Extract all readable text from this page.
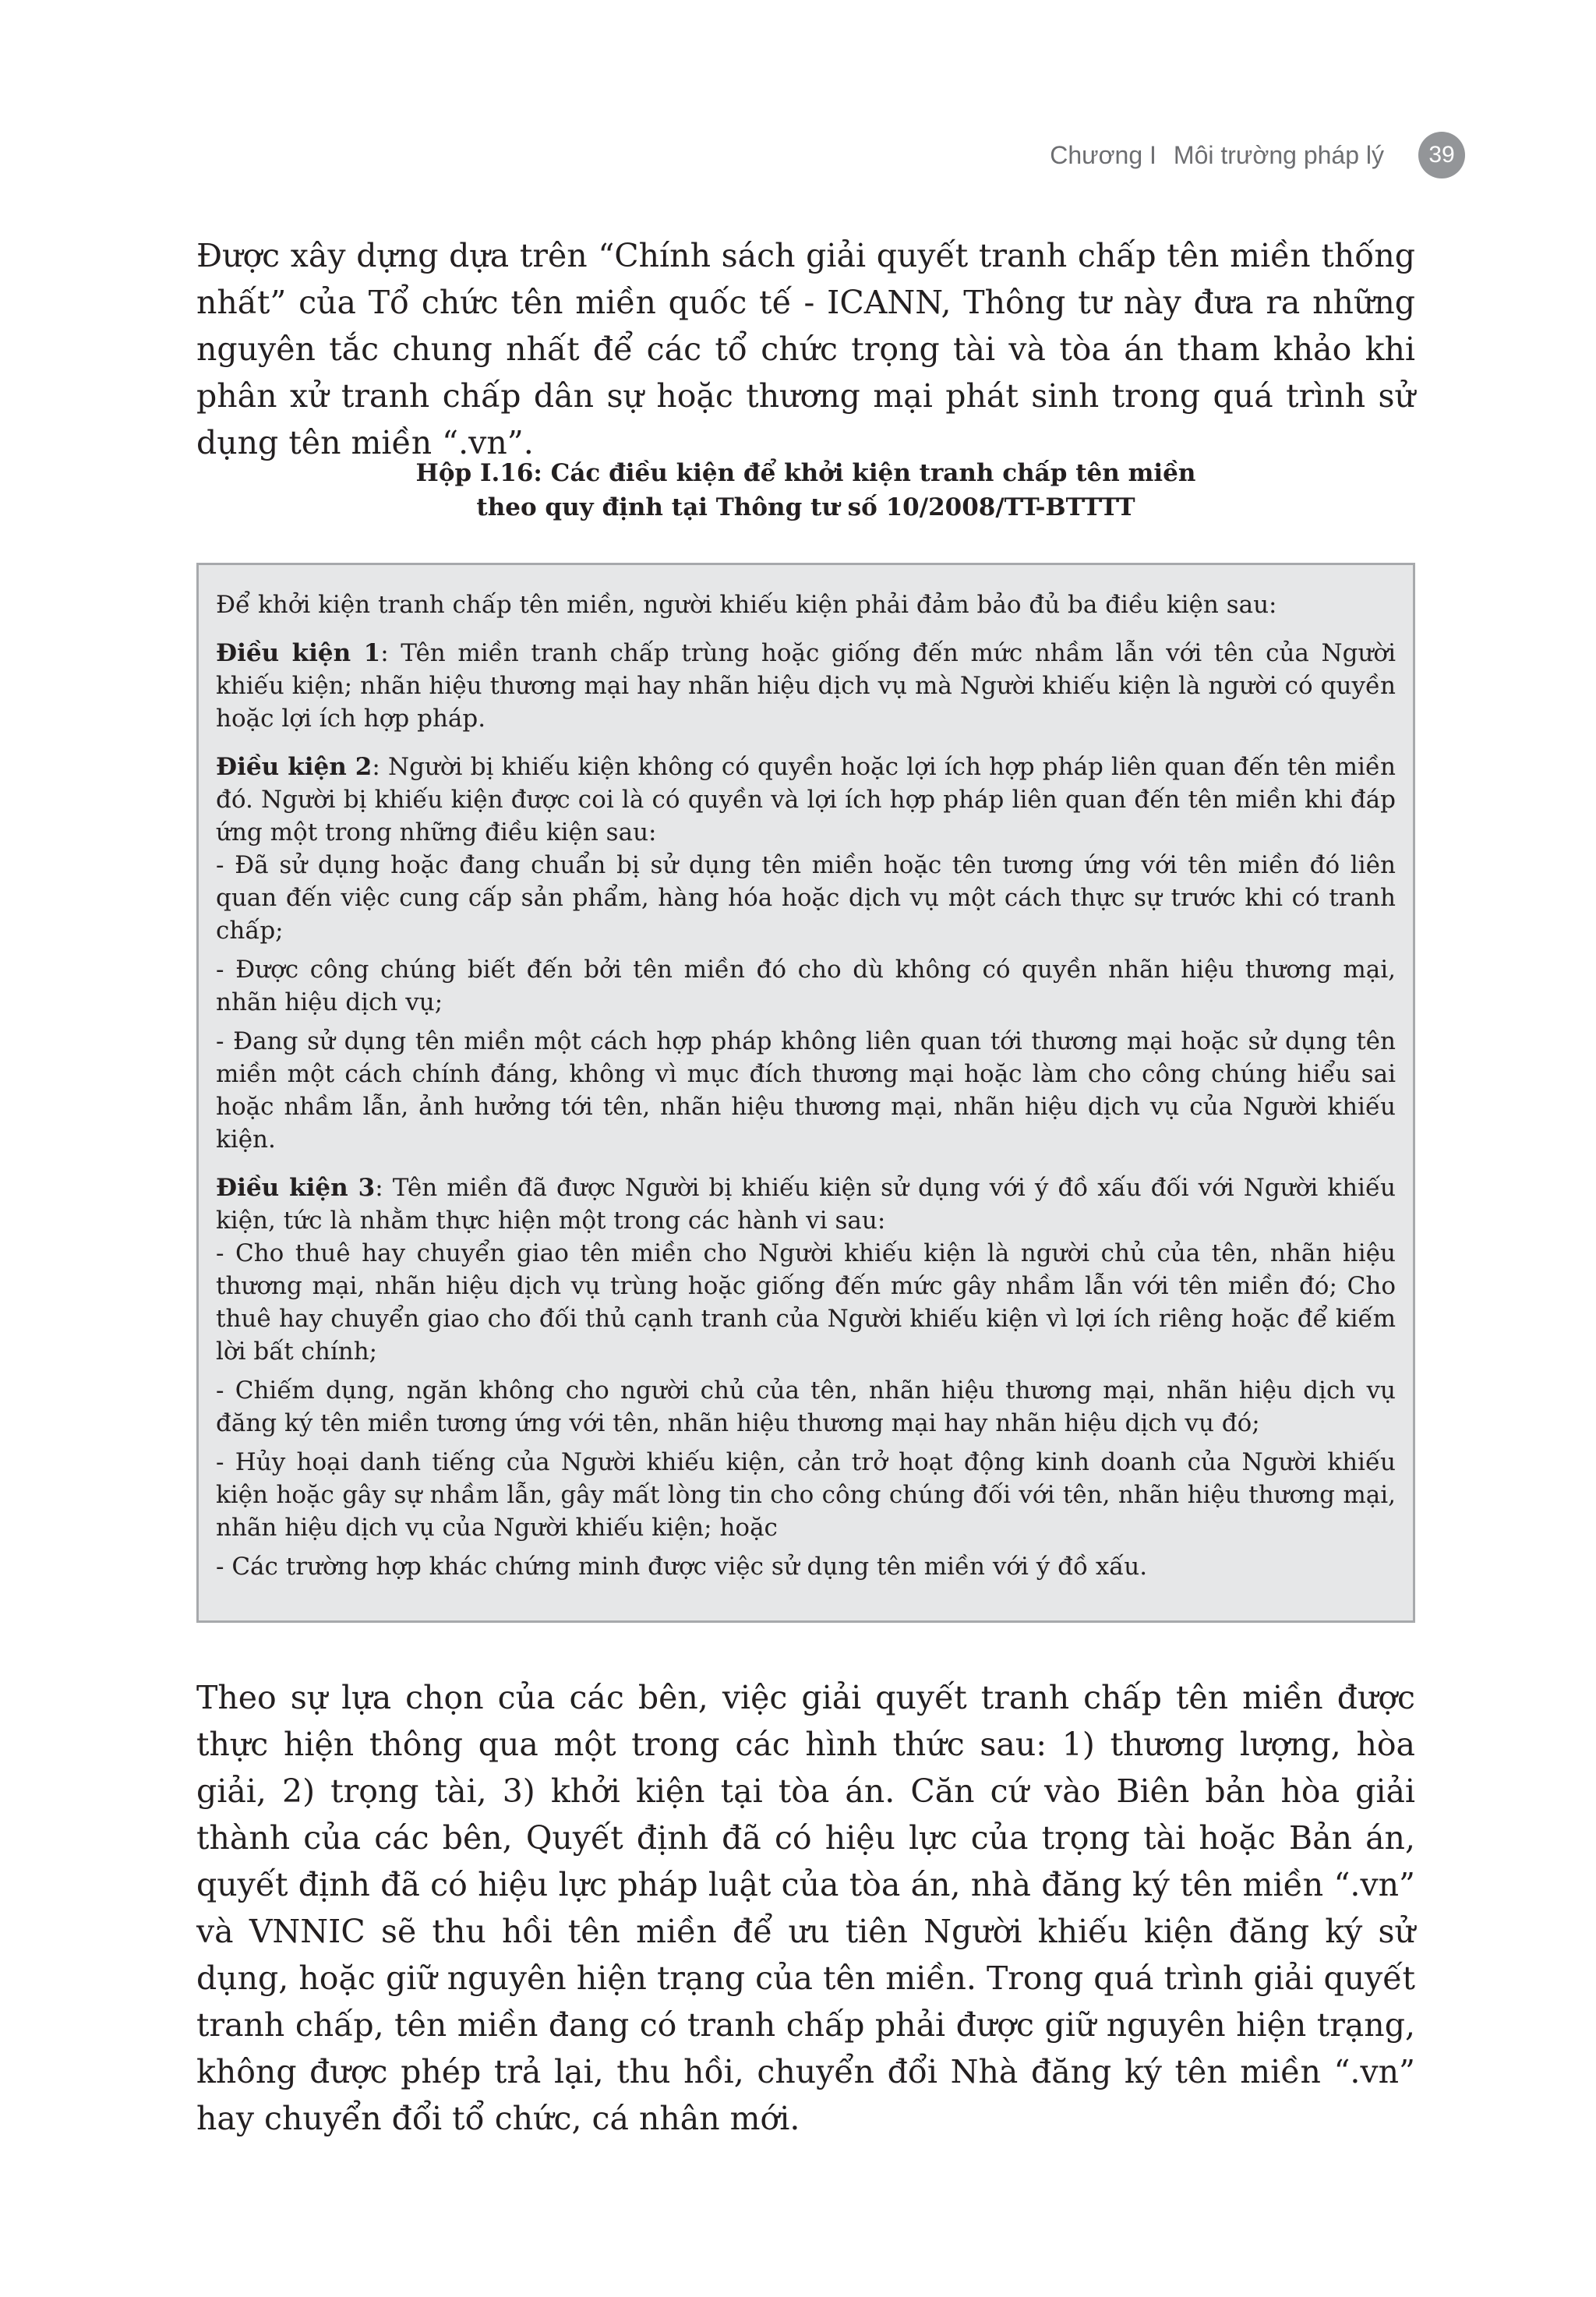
Chương I Môi trường pháp lý	39

Được xây dựng dựa trên “Chính sách giải quyết tranh chấp tên miền thống nhất” của Tổ chức tên miền quốc tế - ICANN, Thông tư này đưa ra những nguyên tắc chung nhất để các tổ chức trọng tài và tòa án tham khảo khi phân xử tranh chấp dân sự hoặc thương mại phát sinh trong quá trình sử dụng tên miền “.vn”.

Hộp I.16: Các điều kiện để khởi kiện tranh chấp tên miền
theo quy định tại Thông tư số 10/2008/TT-BTTTT

Để khởi kiện tranh chấp tên miền, người khiếu kiện phải đảm bảo đủ ba điều kiện sau:

Điều kiện 1: Tên miền tranh chấp trùng hoặc giống đến mức nhầm lẫn với tên của Người khiếu kiện; nhãn hiệu thương mại hay nhãn hiệu dịch vụ mà Người khiếu kiện là người có quyền hoặc lợi ích hợp pháp.

Điều kiện 2: Người bị khiếu kiện không có quyền hoặc lợi ích hợp pháp liên quan đến tên miền đó. Người bị khiếu kiện được coi là có quyền và lợi ích hợp pháp liên quan đến tên miền khi đáp ứng một trong những điều kiện sau:

- Đã sử dụng hoặc đang chuẩn bị sử dụng tên miền hoặc tên tương ứng với tên miền đó liên quan đến việc cung cấp sản phẩm, hàng hóa hoặc dịch vụ một cách thực sự trước khi có tranh chấp;

- Được công chúng biết đến bởi tên miền đó cho dù không có quyền nhãn hiệu thương mại, nhãn hiệu dịch vụ;

- Đang sử dụng tên miền một cách hợp pháp không liên quan tới thương mại hoặc sử dụng tên miền một cách chính đáng, không vì mục đích thương mại hoặc làm cho công chúng hiểu sai hoặc nhầm lẫn, ảnh hưởng tới tên, nhãn hiệu thương mại, nhãn hiệu dịch vụ của Người khiếu kiện.

Điều kiện 3: Tên miền đã được Người bị khiếu kiện sử dụng với ý đồ xấu đối với Người khiếu kiện, tức là nhằm thực hiện một trong các hành vi sau:

- Cho thuê hay chuyển giao tên miền cho Người khiếu kiện là người chủ của tên, nhãn hiệu thương mại, nhãn hiệu dịch vụ trùng hoặc giống đến mức gây nhầm lẫn với tên miền đó; Cho thuê hay chuyển giao cho đối thủ cạnh tranh của Người khiếu kiện vì lợi ích riêng hoặc để kiếm lời bất chính;

- Chiếm dụng, ngăn không cho người chủ của tên, nhãn hiệu thương mại, nhãn hiệu dịch vụ đăng ký tên miền tương ứng với tên, nhãn hiệu thương mại hay nhãn hiệu dịch vụ đó;

- Hủy hoại danh tiếng của Người khiếu kiện, cản trở hoạt động kinh doanh của Người khiếu kiện hoặc gây sự nhầm lẫn, gây mất lòng tin cho công chúng đối với tên, nhãn hiệu thương mại, nhãn hiệu dịch vụ của Người khiếu kiện; hoặc

- Các trường hợp khác chứng minh được việc sử dụng tên miền với ý đồ xấu.

Theo sự lựa chọn của các bên, việc giải quyết tranh chấp tên miền được thực hiện thông qua một trong các hình thức sau: 1) thương lượng, hòa giải, 2) trọng tài, 3) khởi kiện tại tòa án. Căn cứ vào Biên bản hòa giải thành của các bên, Quyết định đã có hiệu lực của trọng tài hoặc Bản án, quyết định đã có hiệu lực pháp luật của tòa án, nhà đăng ký tên miền “.vn” và VNNIC sẽ thu hồi tên miền để ưu tiên Người khiếu kiện đăng ký sử dụng, hoặc giữ nguyên hiện trạng của tên miền. Trong quá trình giải quyết tranh chấp, tên miền đang có tranh chấp phải được giữ nguyên hiện trạng, không được phép trả lại, thu hồi, chuyển đổi Nhà đăng ký tên miền “.vn” hay chuyển đổi tổ chức, cá nhân mới.
